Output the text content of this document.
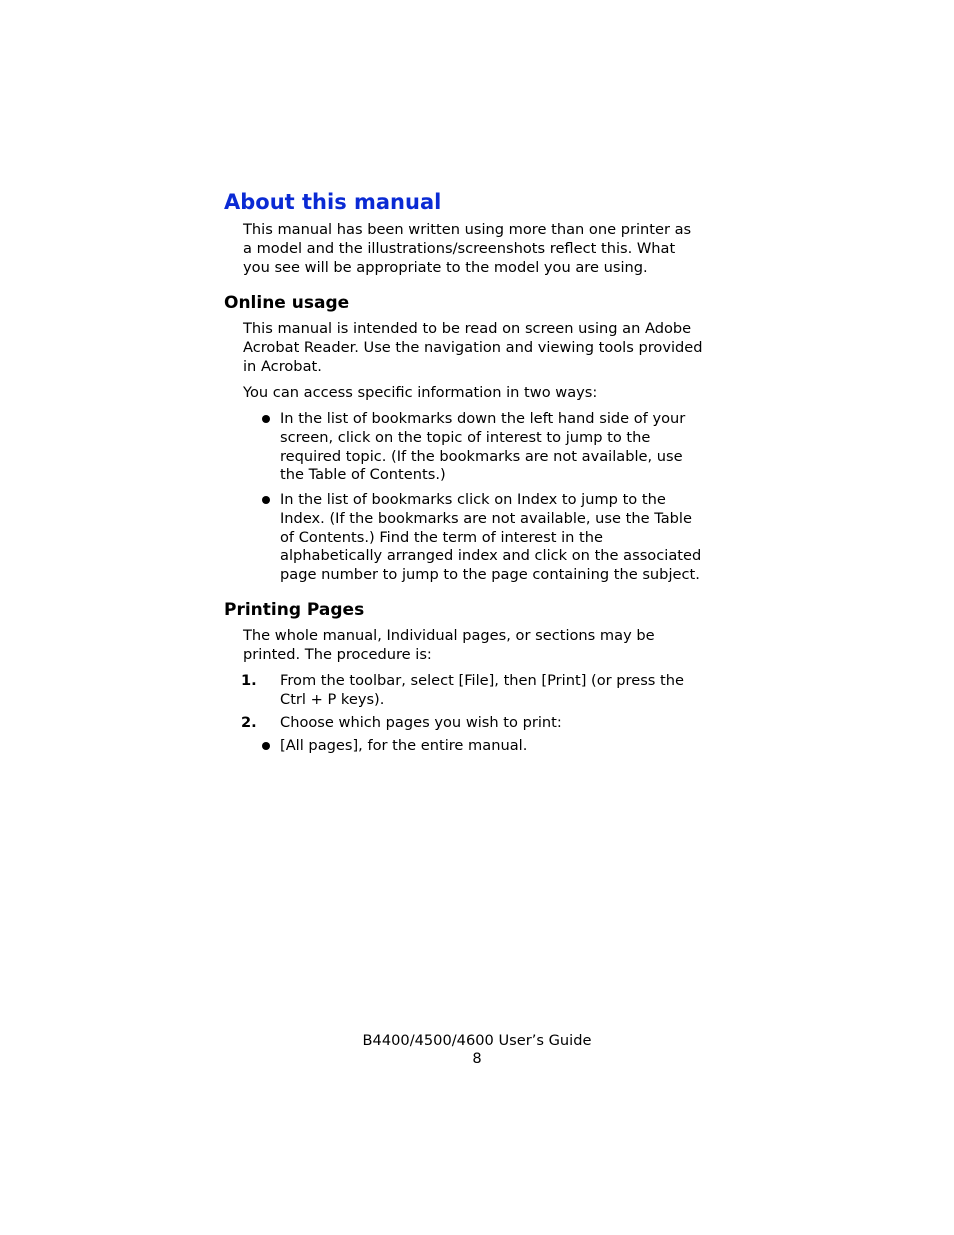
About this manual
This manual has been written using more than one printer as
a model and the illustrations/screenshots reflect this. What
you see will be appropriate to the model you are using.
Online usage
This manual is intended to be read on screen using an Adobe
Acrobat Reader. Use the navigation and viewing tools provided
in Acrobat.
You can access specific information in two ways:
In the list of bookmarks down the left hand side of your
screen, click on the topic of interest to jump to the
required topic. (If the bookmarks are not available, use
the Table of Contents.)
In the list of bookmarks click on Index to jump to the
Index. (If the bookmarks are not available, use the Table
of Contents.) Find the term of interest in the
alphabetically arranged index and click on the associated
page number to jump to the page containing the subject.
Printing Pages
The whole manual, Individual pages, or sections may be
printed. The procedure is:
1. From the toolbar, select [File], then [Print] (or press the
Ctrl + P keys).
2. Choose which pages you wish to print:
[All pages], for the entire manual.
B4400/4500/4600 User’s Guide
8
